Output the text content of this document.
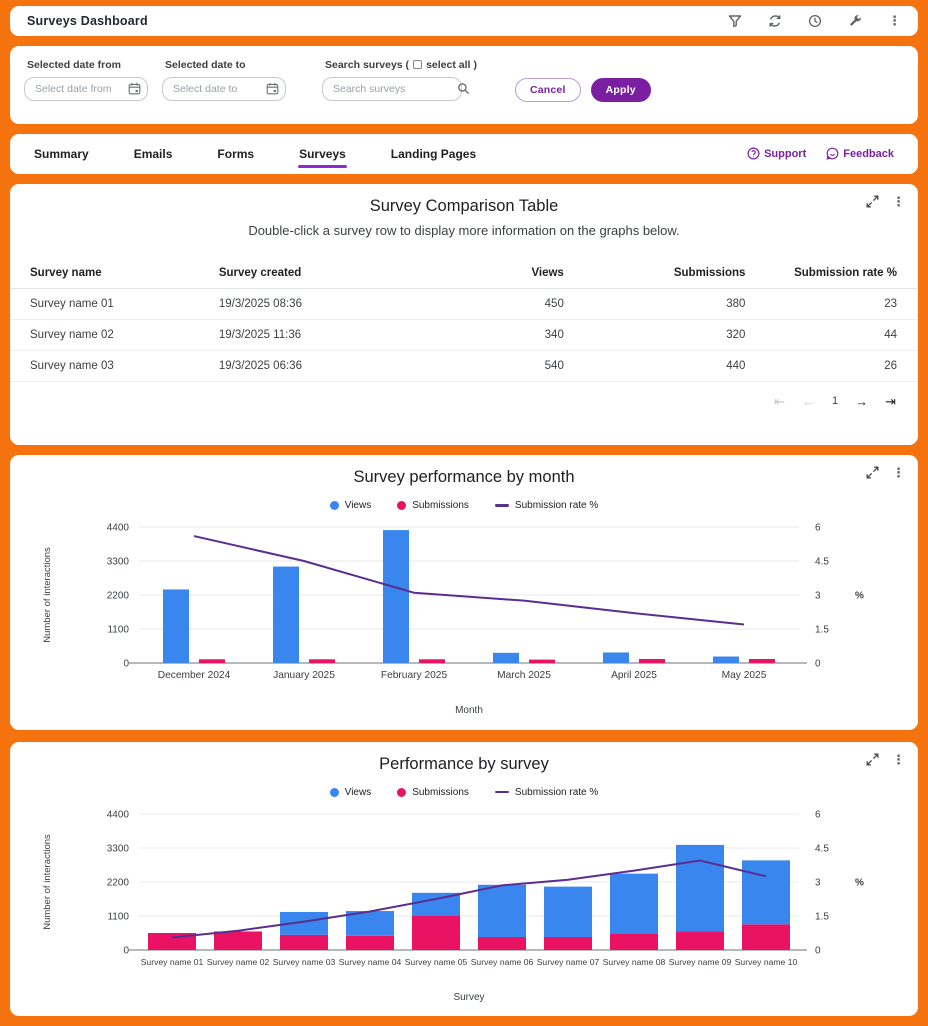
Surveys Dashboard	⋮
Selected date from
Select date from	Selected date to
Select date to	Search surveys ( select all )
Search surveys
Cancel	Apply
Summary	Emails	Forms	Surveys	Landing Pages	Support	Feedback
⋮
Survey Comparison Table
Double-click a survey row to display more information on the graphs below.
Survey name	Survey created	Views	Submissions	Submission rate %
Survey name 01	19/3/2025 08:36	450	380	23
Survey name 02	19/3/2025 11:36	340	320	44
Survey name 03	19/3/2025 06:36	540	440	26
⇤ ← 1 → ⇥
⋮
Survey performance by month
Views	Submissions	Submission rate %
0
1100
2200
3300
4400
0
1.5
3
4.5
6
%
Number of interactions
December 2024	January 2025	February 2025	March 2025	April 2025	May 2025
Month
⋮
Performance by survey
Views	Submissions	Submission rate %
0
1100
2200
3300
4400
0
1.5
3
4.5
6
%
Number of interactions
Survey name 01 Survey name 02 Survey name 03 Survey name 04 Survey name 05 Survey name 06 Survey name 07 Survey name 08 Survey name 09 Survey name 10
Survey
